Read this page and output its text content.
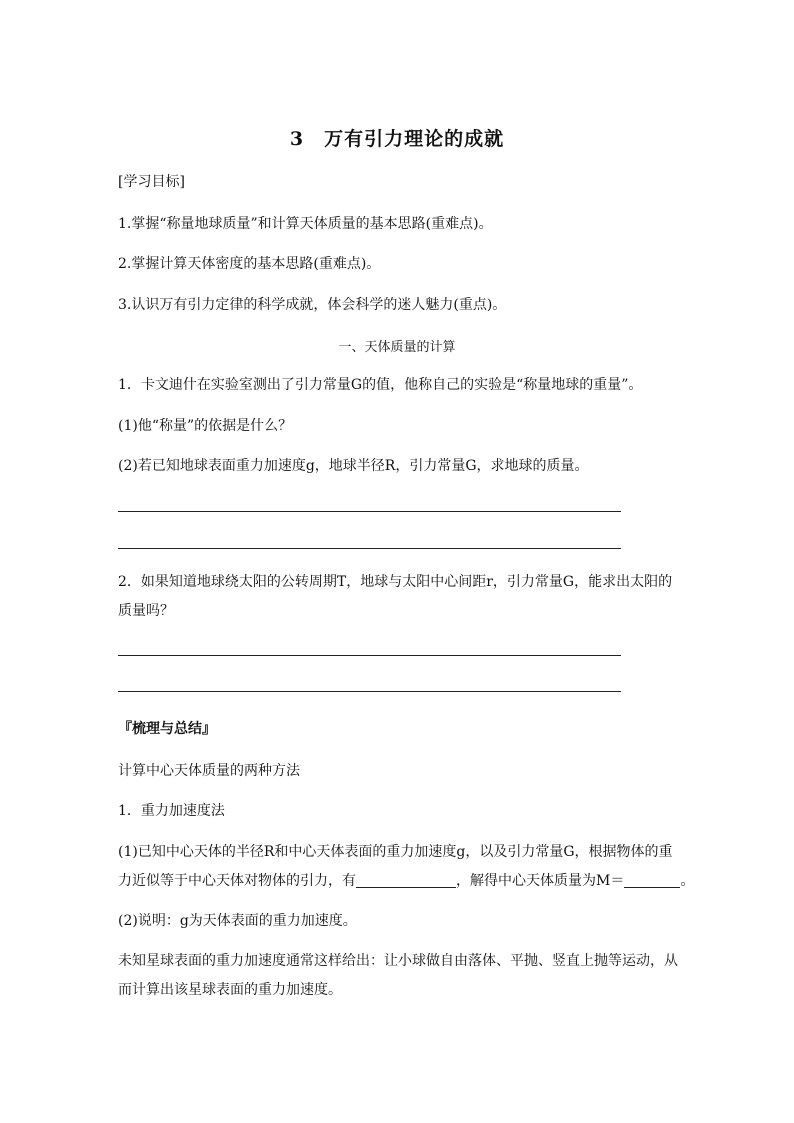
3　万有引力理论的成就
[学习目标]
1.掌握“称量地球质量”和计算天体质量的基本思路(重难点)。
2.掌握计算天体密度的基本思路(重难点)。
3.认识万有引力定律的科学成就，体会科学的迷人魅力(重点)。
一、天体质量的计算
1．卡文迪什在实验室测出了引力常量G的值，他称自己的实验是“称量地球的重量”。
(1)他“称量”的依据是什么？
(2)若已知地球表面重力加速度g，地球半径R，引力常量G，求地球的质量。
2．如果知道地球绕太阳的公转周期T，地球与太阳中心间距r，引力常量G，能求出太阳的
质量吗？
『梳理与总结』
计算中心天体质量的两种方法
1．重力加速度法
(1)已知中心天体的半径R和中心天体表面的重力加速度g，以及引力常量G，根据物体的重
力近似等于中心天体对物体的引力，有	，解得中心天体质量为M＝	。
(2)说明：g为天体表面的重力加速度。
未知星球表面的重力加速度通常这样给出：让小球做自由落体、平抛、竖直上抛等运动，从
而计算出该星球表面的重力加速度。
